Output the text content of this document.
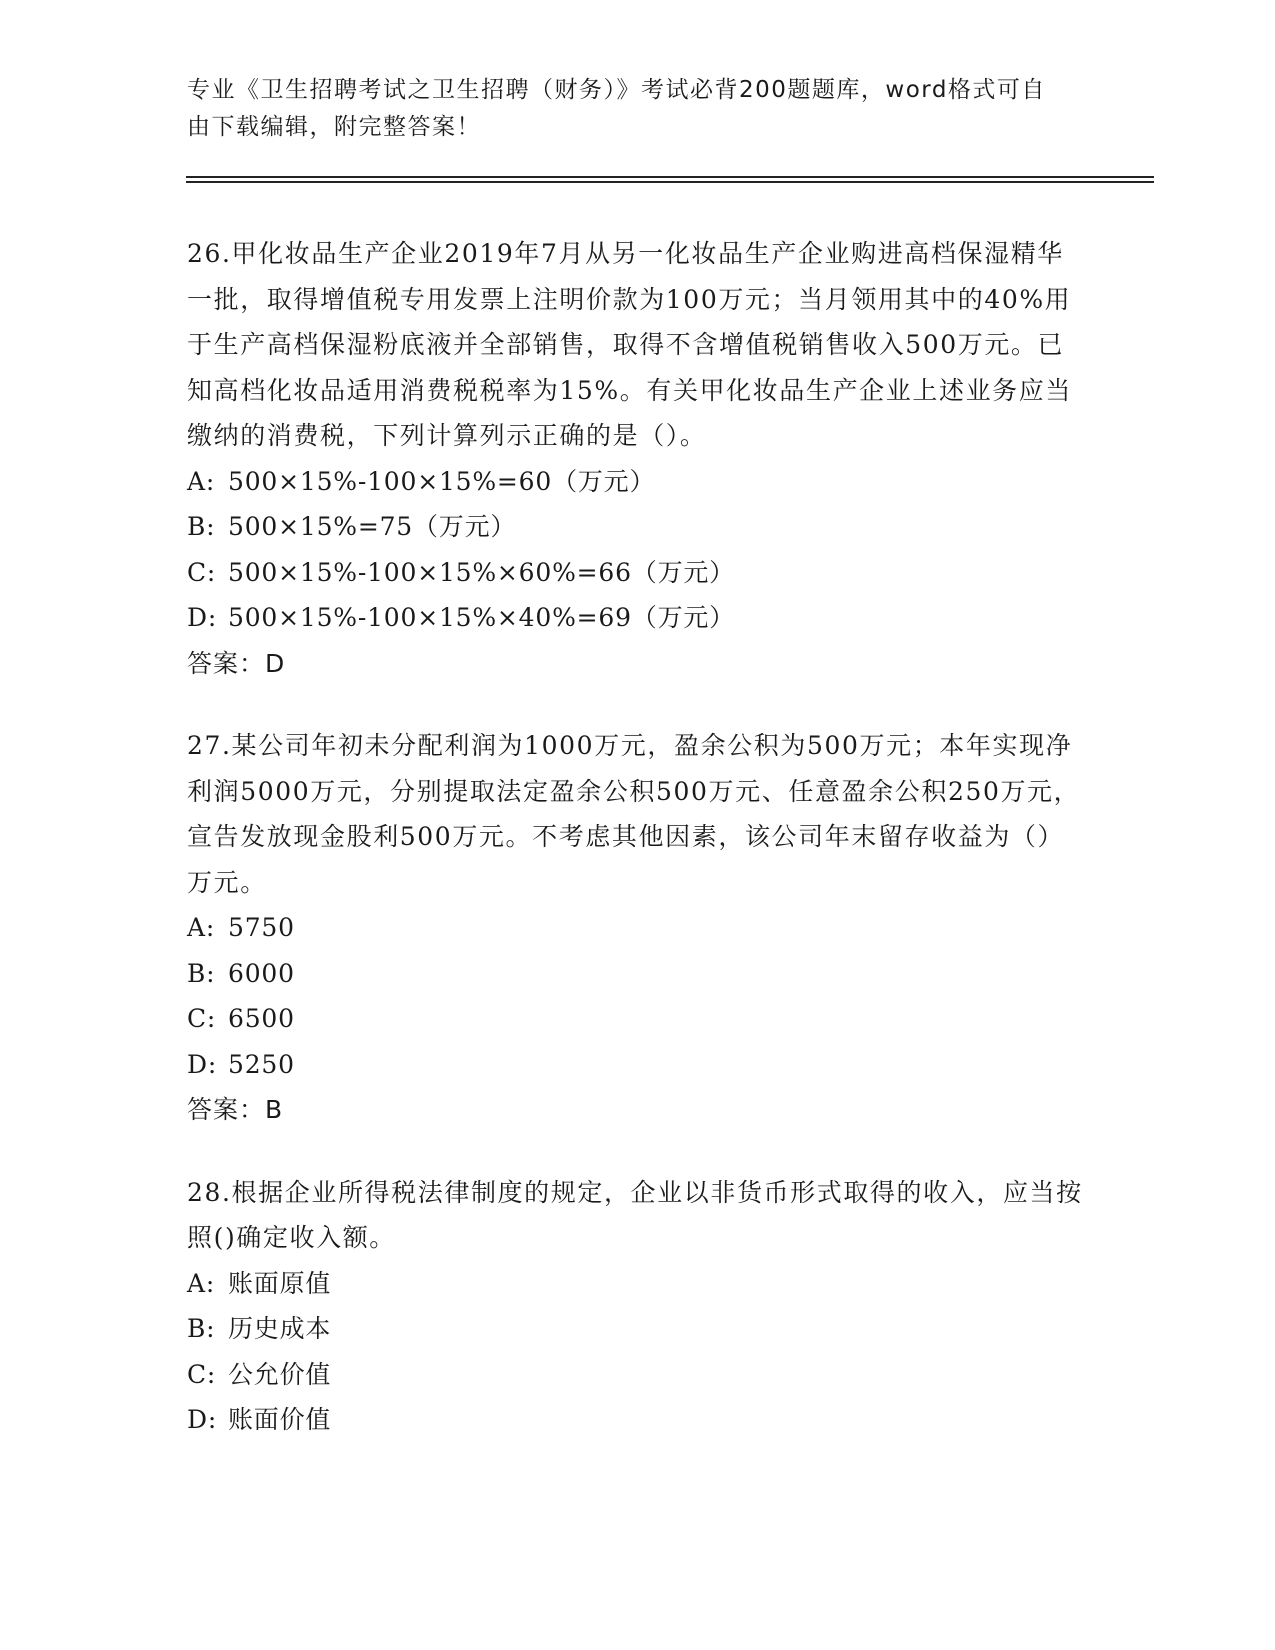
专业《卫生招聘考试之卫生招聘（财务）》考试必背200题题库，word格式可自由下载编辑，附完整答案！

26.甲化妆品生产企业2019年7月从另一化妆品生产企业购进高档保湿精华一批，取得增值税专用发票上注明价款为100万元；当月领用其中的40%用于生产高档保湿粉底液并全部销售，取得不含增值税销售收入500万元。已知高档化妆品适用消费税税率为15%。有关甲化妆品生产企业上述业务应当缴纳的消费税，下列计算列示正确的是（）。

A: 500×15%-100×15%=60（万元）

B: 500×15%=75（万元）

C: 500×15%-100×15%×60%=66（万元）

D: 500×15%-100×15%×40%=69（万元）

答案：D

27.某公司年初未分配利润为1000万元，盈余公积为500万元；本年实现净利润5000万元，分别提取法定盈余公积500万元、任意盈余公积250万元，宣告发放现金股利500万元。不考虑其他因素，该公司年末留存收益为（）万元。

A: 5750

B: 6000

C: 6500

D: 5250

答案：B

28.根据企业所得税法律制度的规定，企业以非货币形式取得的收入，应当按照()确定收入额。

A: 账面原值

B: 历史成本

C: 公允价值

D: 账面价值
